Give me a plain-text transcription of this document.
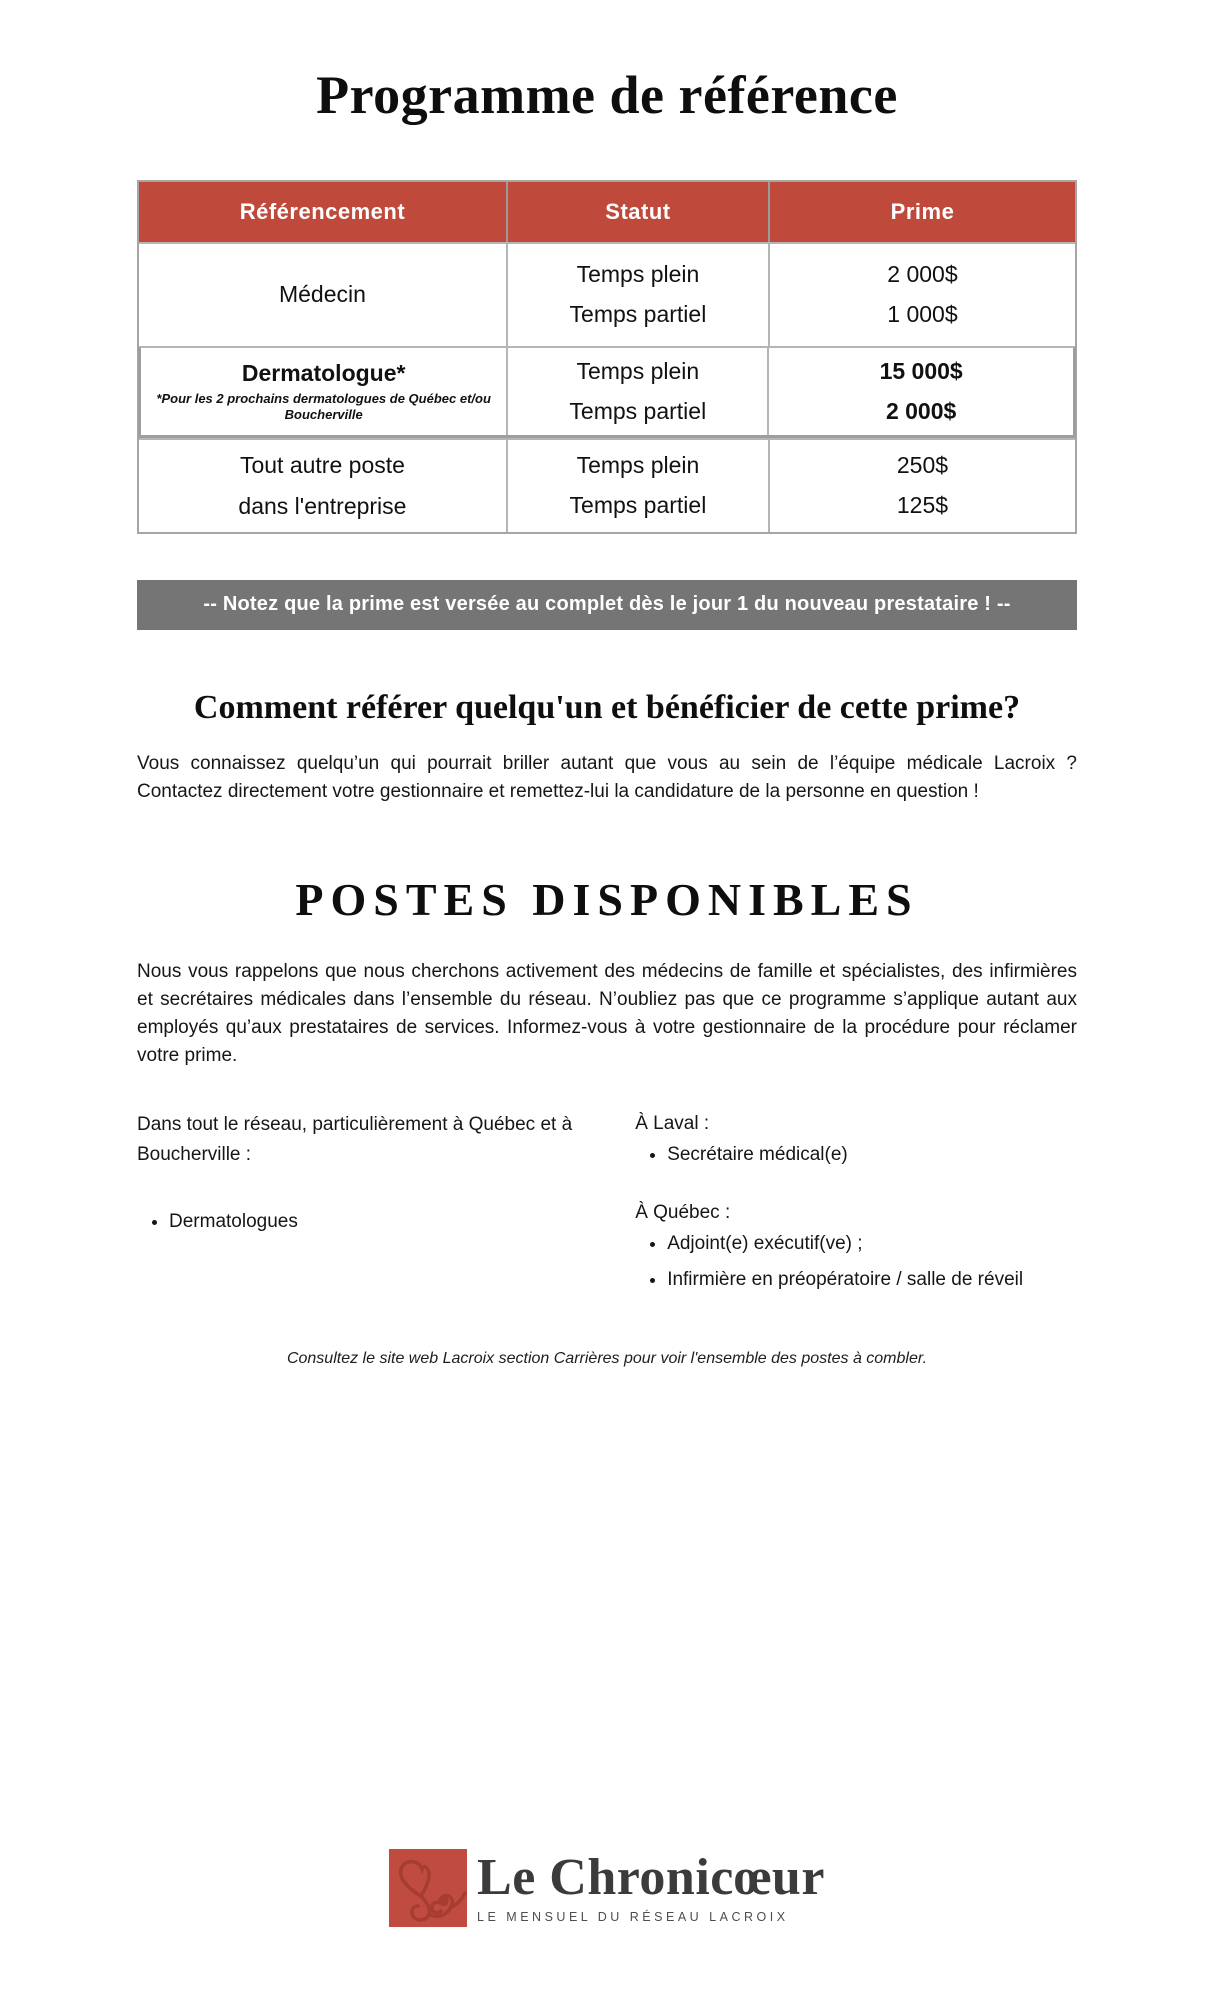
Programme de référence
Référencement	Statut	Prime
Médecin
Temps plein
Temps partiel
2 000$
1 000$
Dermatologue*
*Pour les 2 prochains dermatologues de Québec et/ou Boucherville
Temps plein
Temps partiel
15 000$
2 000$
Tout autre poste
dans l'entreprise
Temps plein
Temps partiel
250$
125$
-- Notez que la prime est versée au complet dès le jour 1 du nouveau prestataire ! --
Comment référer quelqu'un et bénéficier de cette prime?

Vous connaissez quelqu’un qui pourrait briller autant que vous au sein de l’équipe médicale Lacroix ? Contactez directement votre gestionnaire et remettez-lui la candidature de la personne en question !

POSTES DISPONIBLES

Nous vous rappelons que nous cherchons activement des médecins de famille et spécialistes, des infirmières et secrétaires médicales dans l’ensemble du réseau. N’oubliez pas que ce programme s’applique autant aux employés qu’aux prestataires de services. Informez-vous à votre gestionnaire de la procédure pour réclamer votre prime.

Dans tout le réseau, particulièrement à Québec et à Boucherville :
• Dermatologues
À Laval :
• Secrétaire médical(e)
À Québec :
• Adjoint(e) exécutif(ve) ;
• Infirmière en préopératoire / salle de réveil
Consultez le site web Lacroix section Carrières pour voir l'ensemble des postes à combler.
Le Chronicœur
LE MENSUEL DU RÉSEAU LACROIX
